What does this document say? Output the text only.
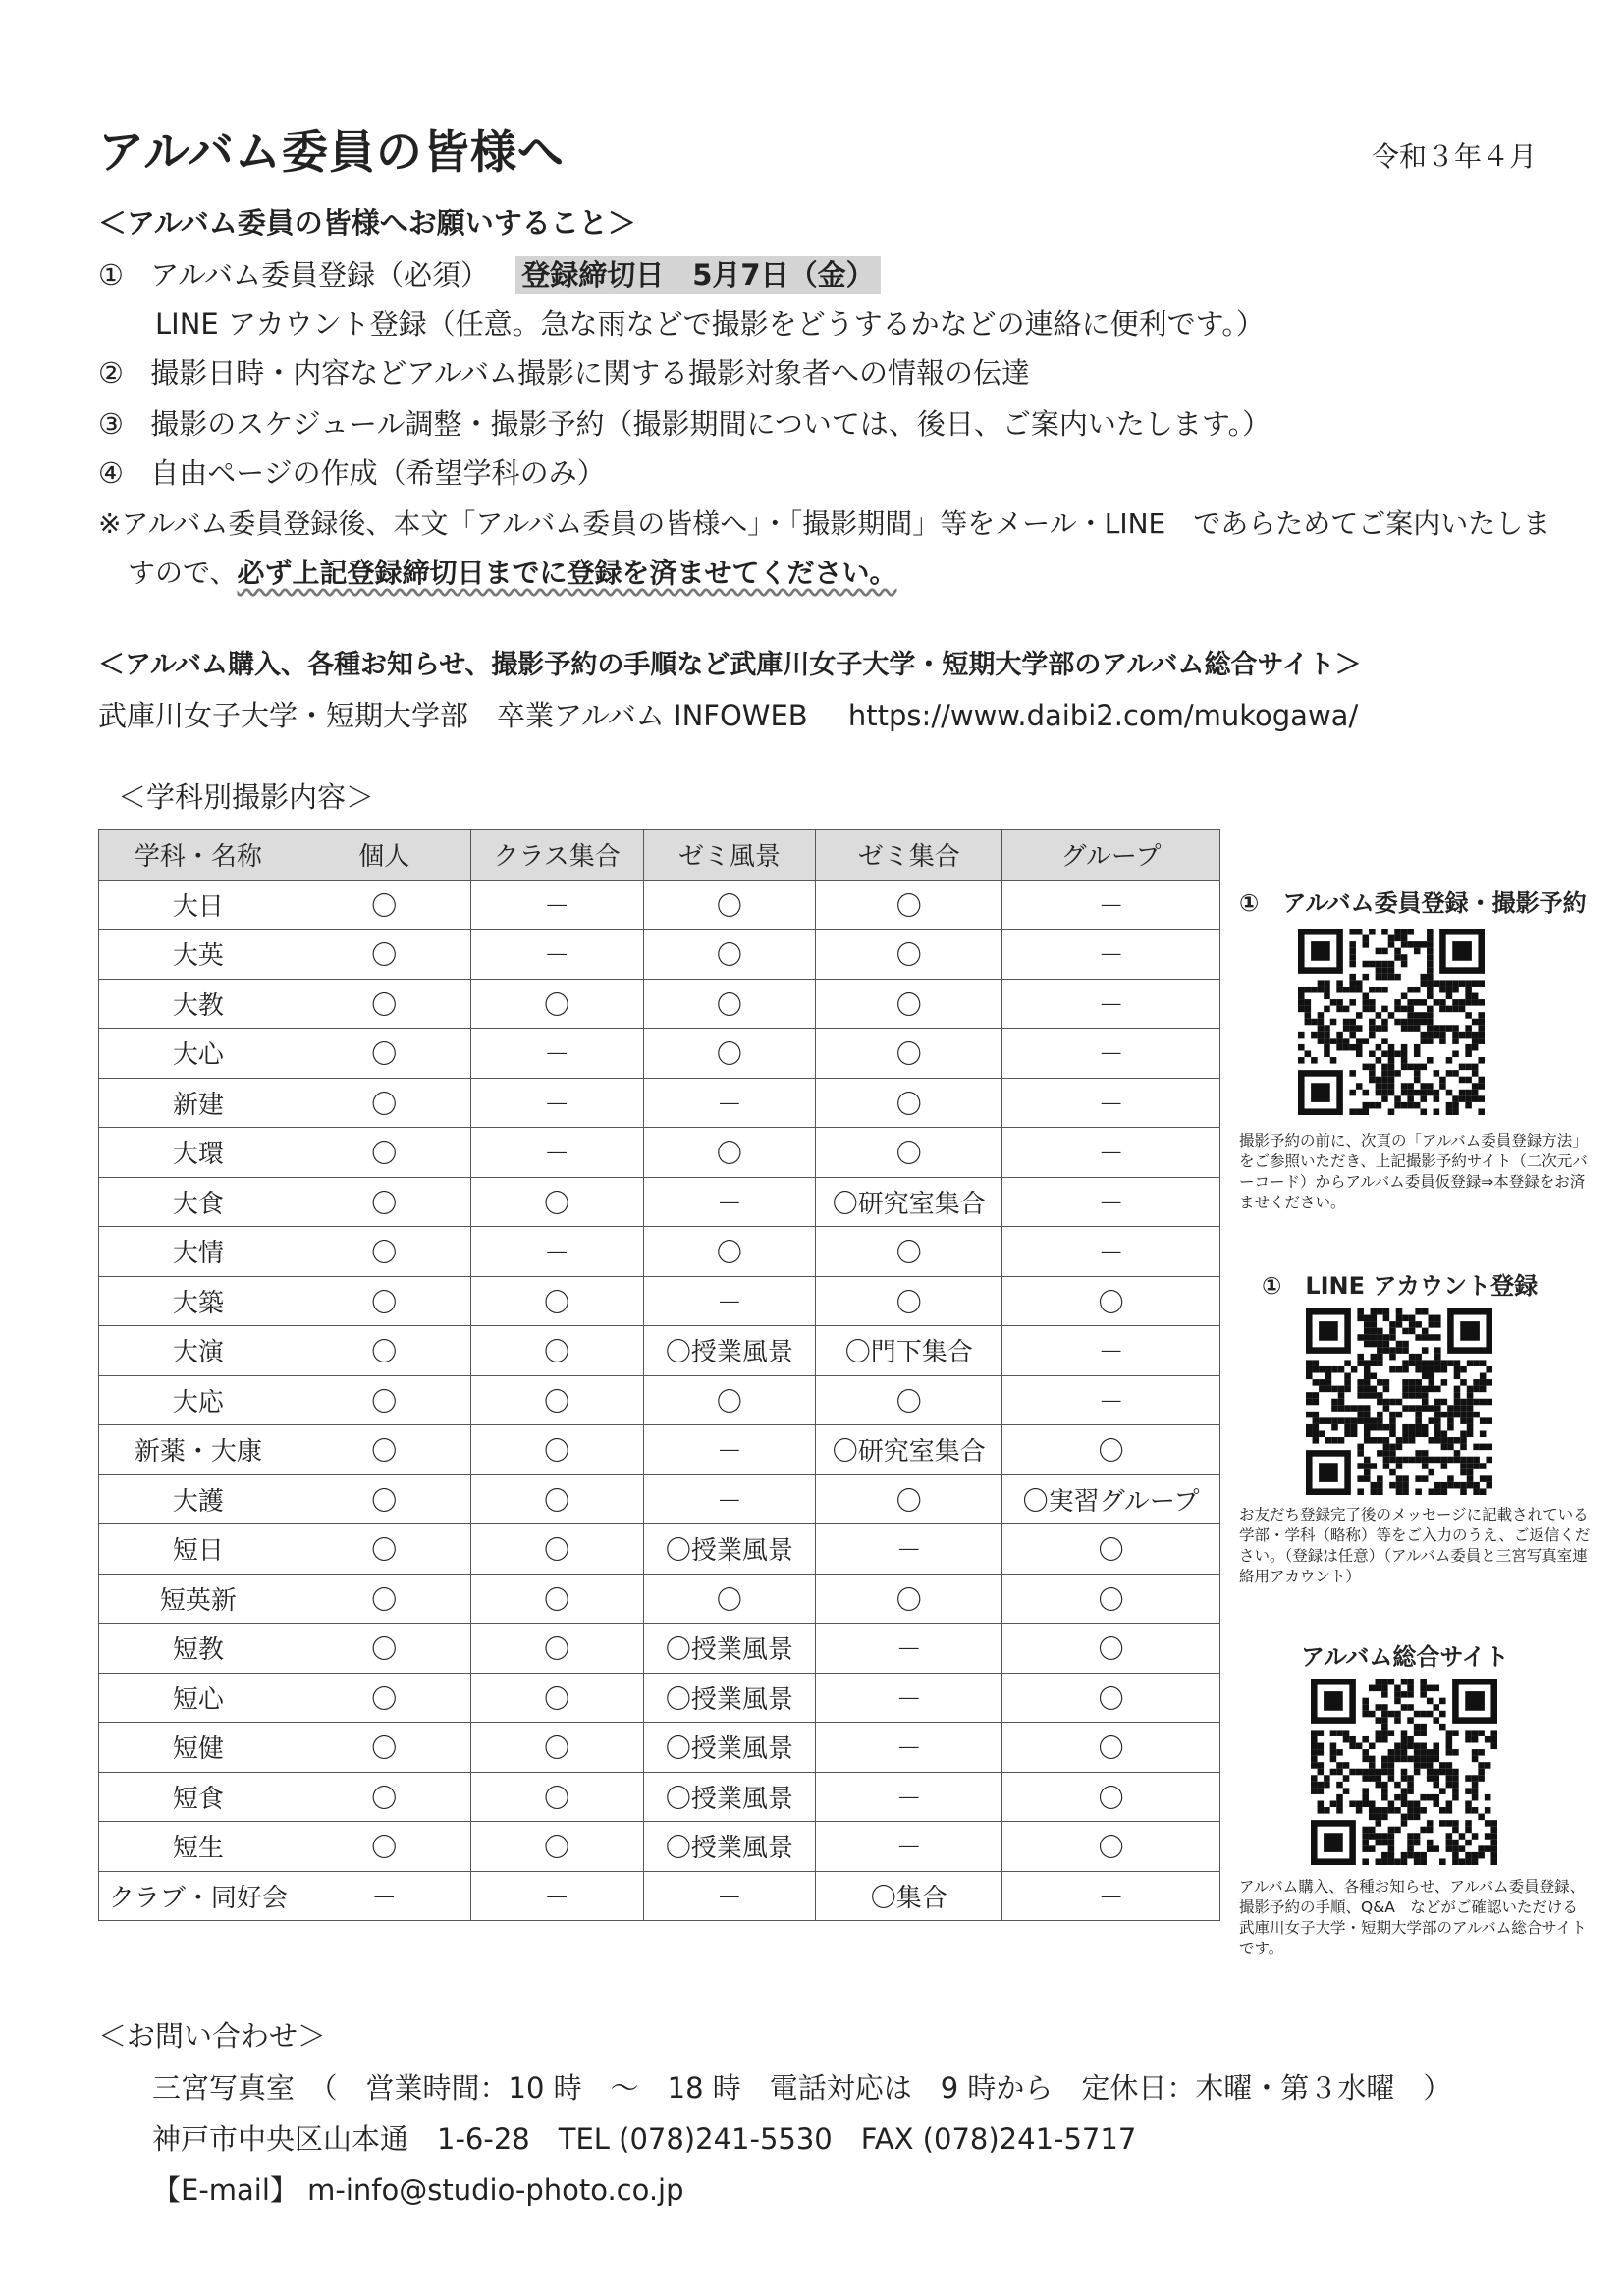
アルバム委員の皆様へ	令和３年４月
＜アルバム委員の皆様へお願いすること＞
① アルバム委員登録（必須） 登録締切日　5月7日（金）
LINE アカウント登録（任意。急な雨などで撮影をどうするかなどの連絡に便利です。）
② 撮影日時・内容などアルバム撮影に関する撮影対象者への情報の伝達
③ 撮影のスケジュール調整・撮影予約（撮影期間については、後日、ご案内いたします。）
④ 自由ページの作成（希望学科のみ）
※アルバム委員登録後、本文「アルバム委員の皆様へ」・「撮影期間」等をメール・LINE　であらためてご案内いたしま
すので、必ず上記登録締切日までに登録を済ませてください。
＜アルバム購入、各種お知らせ、撮影予約の手順など武庫川女子大学・短期大学部のアルバム総合サイト＞
武庫川女子大学・短期大学部　卒業アルバム INFOWEB https://www.daibi2.com/mukogawa/
＜学科別撮影内容＞
学科・名称	個人	クラス集合	ゼミ風景	ゼミ集合	グループ
大日	〇	－	〇	〇	－
大英	〇	－	〇	〇	－
大教	〇	〇	〇	〇	－
大心	〇	－	〇	〇	－
新建	〇	－	－	〇	－
大環	〇	－	〇	〇	－
大食	〇	〇	－	〇研究室集合	－
大情	〇	－	〇	〇	－
大築	〇	〇	－	〇	〇
大演	〇	〇	〇授業風景	〇門下集合	－
大応	〇	〇	〇	〇	－
新薬・大康	〇	〇	－	〇研究室集合	〇
大護	〇	〇	－	〇	〇実習グループ
短日	〇	〇	〇授業風景	－	〇
短英新	〇	〇	〇	〇	〇
短教	〇	〇	〇授業風景	－	〇
短心	〇	〇	〇授業風景	－	〇
短健	〇	〇	〇授業風景	－	〇
短食	〇	〇	〇授業風景	－	〇
短生	〇	〇	〇授業風景	－	〇
クラブ・同好会	－	－	－	〇集合	－
①　アルバム委員登録・撮影予約
撮影予約の前に、次頁の「アルバム委員登録方法」をご参照いただき、上記撮影予約サイト（二次元バーコード）からアルバム委員仮登録⇒本登録をお済ませください。
①　LINE アカウント登録
お友だち登録完了後のメッセージに記載されている学部・学科（略称）等をご入力のうえ、ご返信ください。（登録は任意）（アルバム委員と三宮写真室連絡用アカウント）
アルバム総合サイト
アルバム購入、各種お知らせ、アルバム委員登録、撮影予約の手順、Q&A　などがご確認いただける武庫川女子大学・短期大学部のアルバム総合サイトです。
＜お問い合わせ＞
三宮写真室　（　営業時間：10 時　～　18 時　電話対応は　9 時から　定休日：木曜・第３水曜　）
神戸市中央区山本通　1-6-28　TEL (078)241-5530　FAX (078)241-5717
【E-mail】 m-info@studio-photo.co.jp
